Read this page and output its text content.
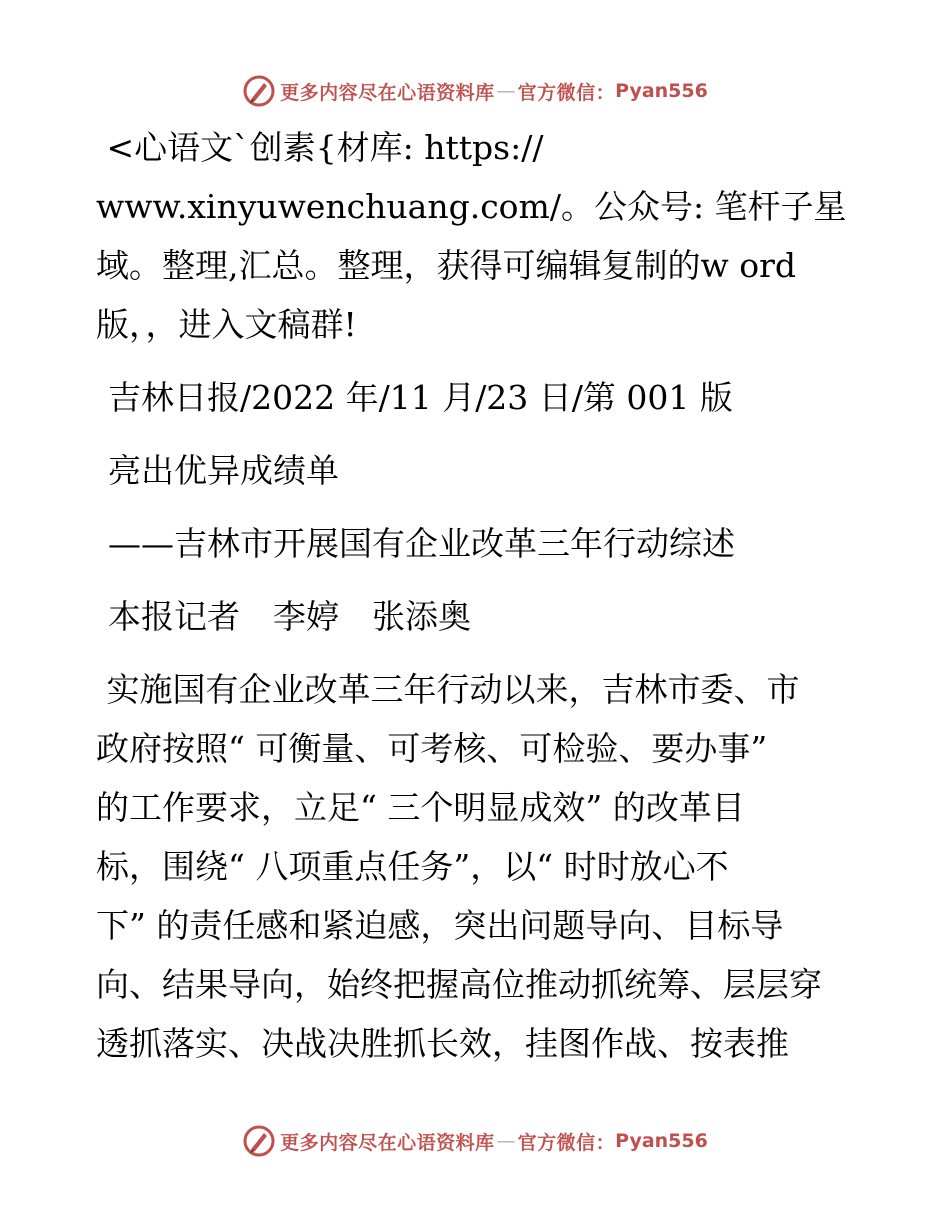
更多内容尽在心语资料库 — 官方微信： Pyan556

<心语文`创素{材库: https://

www.xinyuwenchuang.com/。公众号: 笔杆子星

域。整理,汇总。整理，获得可编辑复制的w ord

版，，进入文稿群!

吉林日报/2022 年/11 月/23 日/第 001 版

亮出优异成绩单

——吉林市开展国有企业改革三年行动综述

本报记者　李婷　张添奥

实施国有企业改革三年行动以来，吉林市委、市

政府按照“ 可衡量、可考核、可检验、要办事”

的工作要求，立足“ 三个明显成效” 的改革目

标，围绕“ 八项重点任务”，以“ 时时放心不

下” 的责任感和紧迫感，突出问题导向、目标导

向、结果导向，始终把握高位推动抓统筹、层层穿

透抓落实、决战决胜抓长效，挂图作战、按表推

更多内容尽在心语资料库 — 官方微信： Pyan556
